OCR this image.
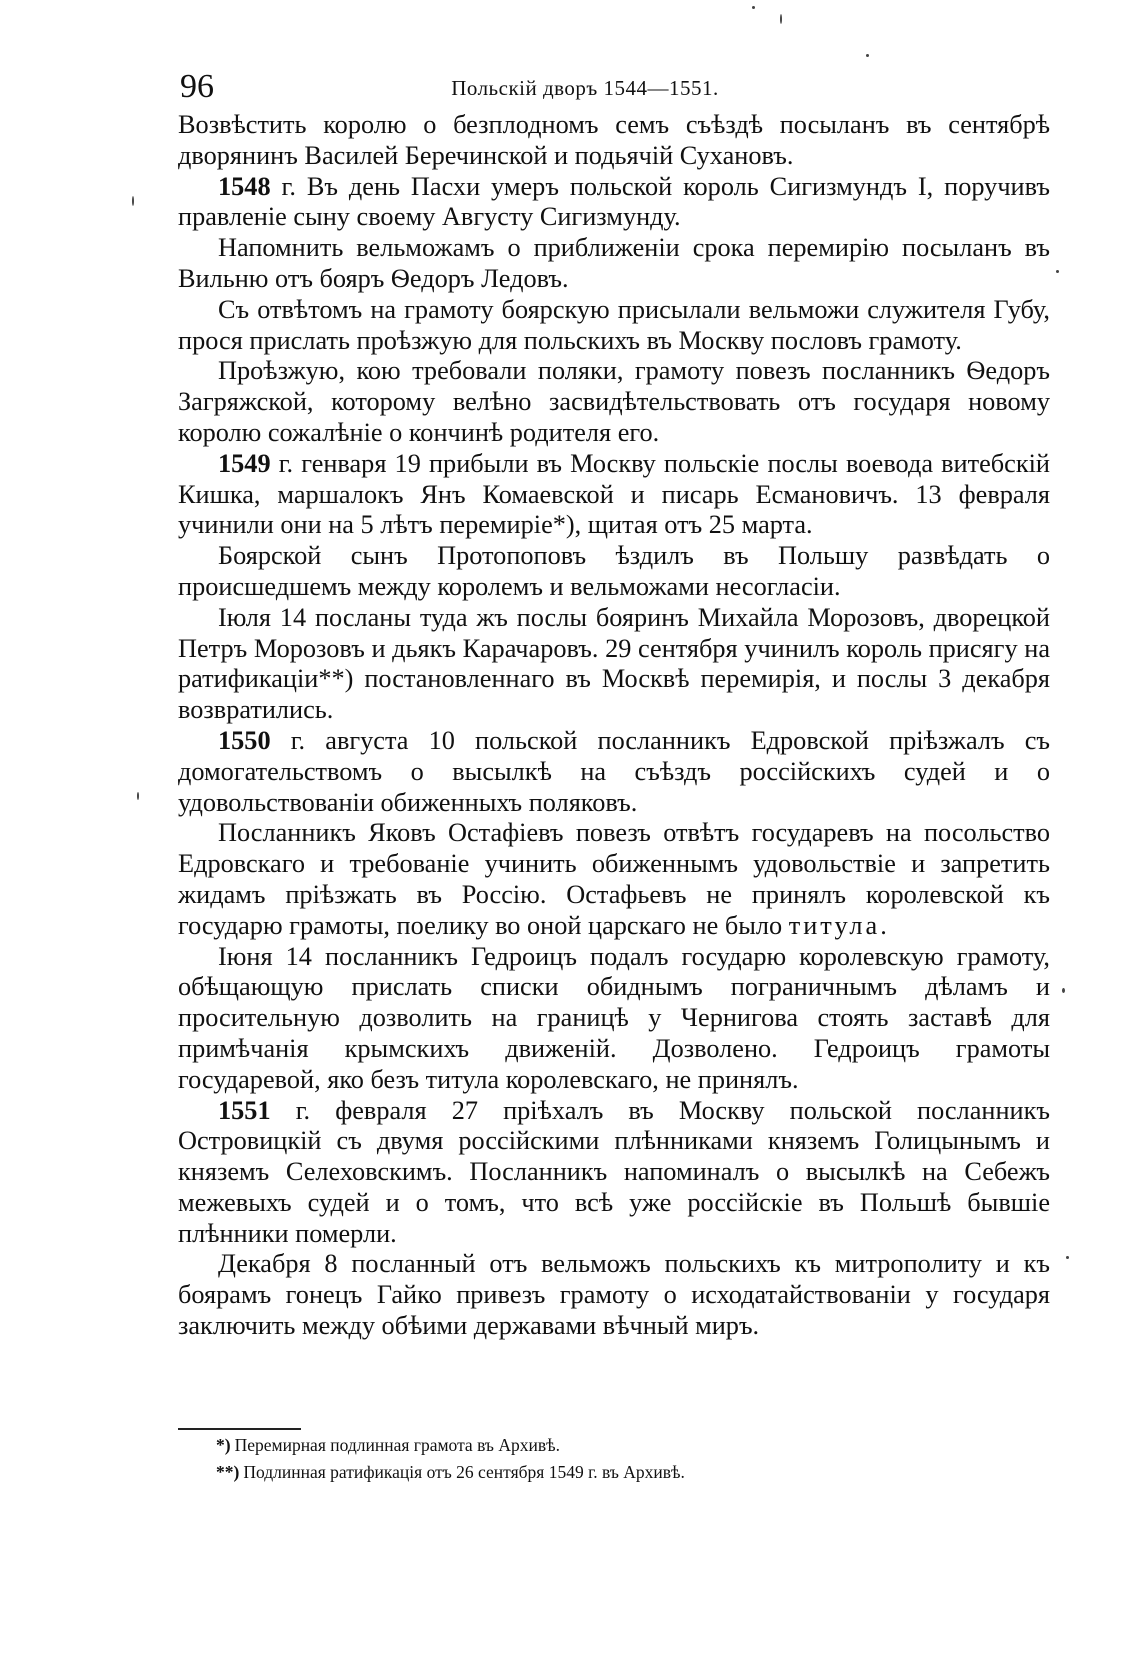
96	Польскій дворъ 1544—1551.

Возвѣстить королю о безплодномъ семъ съѣздѣ посыланъ въ сентябрѣ дворянинъ Василей Беречинской и подьячій Сухановъ.

1548 г. Въ день Пасхи умеръ польской король Сигизмундъ I, поручивъ правленіе сыну своему Августу Сигизмунду.

Напомнить вельможамъ о приближеніи срока перемирію посыланъ въ Вильню отъ бояръ Ѳедоръ Ледовъ.

Съ отвѣтомъ на грамоту боярскую присылали вельможи служителя Губу, прося прислать проѣзжую для польскихъ въ Москву пословъ грамоту.

Проѣзжую, кою требовали поляки, грамоту повезъ посланникъ Ѳедоръ Загряжской, которому велѣно засвидѣтельствовать отъ государя новому королю сожалѣніе о кончинѣ родителя его.

1549 г. генваря 19 прибыли въ Москву польскіе послы воевода витебскій Кишка, маршалокъ Янъ Комаевской и писарь Есмановичъ. 13 февраля учинили они на 5 лѣтъ перемиріе*), щитая отъ 25 марта.

Боярской сынъ Протопоповъ ѣздилъ въ Польшу развѣдать о происшедшемъ между королемъ и вельможами несогласіи.

Іюля 14 посланы туда жъ послы бояринъ Михайла Морозовъ, дворецкой Петръ Морозовъ и дьякъ Карачаровъ. 29 сентября учинилъ король присягу на ратификаціи**) постановленнаго въ Москвѣ перемирія, и послы 3 декабря возвратились.

1550 г. августа 10 польской посланникъ Едровской пріѣзжалъ съ домогательствомъ о высылкѣ на съѣздъ россійскихъ судей и о удовольствованіи обиженныхъ поляковъ.

Посланникъ Яковъ Остафіевъ повезъ отвѣтъ государевъ на посольство Едровскаго и требованіе учинить обиженнымъ удовольствіе и запретить жидамъ пріѣзжать въ Россію. Остафьевъ не принялъ королевской къ государю грамоты, поелику во оной царскаго не было титула.

Іюня 14 посланникъ Гедроицъ подалъ государю королевскую грамоту, обѣщающую прислать списки обиднымъ пограничнымъ дѣламъ и просительную дозволить на границѣ у Чернигова стоять заставѣ для примѣчанія крымскихъ движеній. Дозволено. Гедроицъ грамоты государевой, яко безъ титула королевскаго, не принялъ.

1551 г. февраля 27 пріѣхалъ въ Москву польской посланникъ Островицкій съ двумя россійскими плѣнниками княземъ Голицынымъ и княземъ Селеховскимъ. Посланникъ напоминалъ о высылкѣ на Себежъ межевыхъ судей и о томъ, что всѣ уже россійскіе въ Польшѣ бывшіе плѣнники померли.

Декабря 8 посланный отъ вельможъ польскихъ къ митрополиту и къ боярамъ гонецъ Гайко привезъ грамоту о исходатайствованіи у государя заключить между обѣими державами вѣчный миръ.

*) Перемирная подлинная грамота въ Архивѣ.
**) Подлинная ратификація отъ 26 сентября 1549 г. въ Архивѣ.
